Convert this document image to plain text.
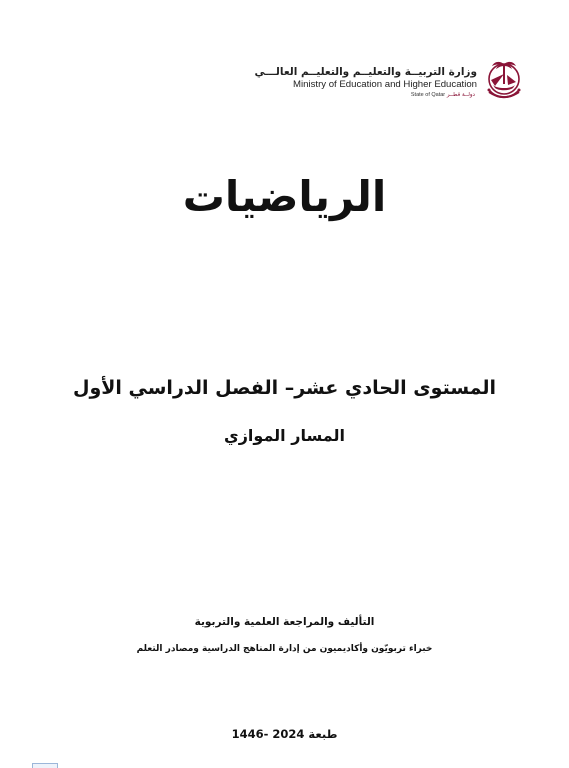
وزارة التربيــة والتعليــم والتعليــم العالـــي
Ministry of Education and Higher Education
State of Qatar دولــة قطــر
الرياضيات
المستوى الحادي عشر– الفصل الدراسي الأول
المسار الموازي
التأليف والمراجعة العلمية والتربوية
خبراء تربويّون وأكاديميون من إدارة المناهج الدراسية ومصادر التعلم
طبعة 1446- 2024
